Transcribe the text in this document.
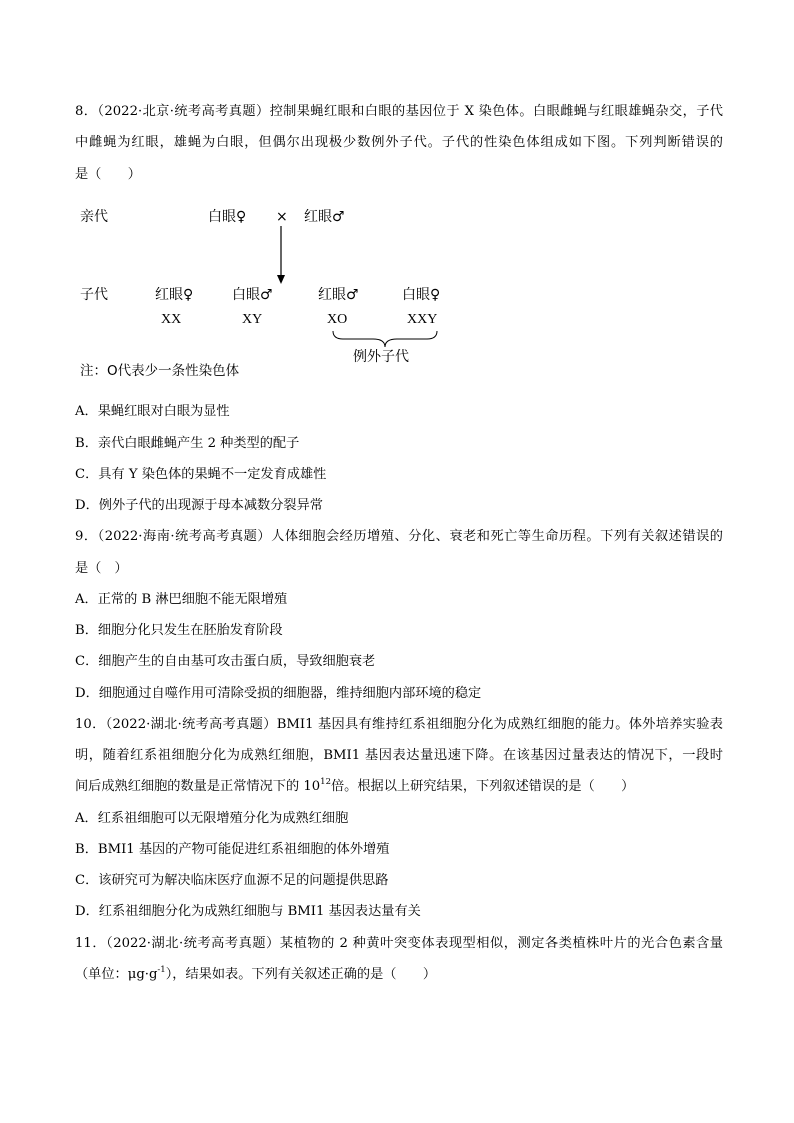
8．（2022·北京·统考高考真题）控制果蝇红眼和白眼的基因位于 X 染色体。白眼雌蝇与红眼雄蝇杂交，子代
中雌蝇为红眼，雄蝇为白眼，但偶尔出现极少数例外子代。子代的性染色体组成如下图。下列判断错误的
是（　　）
亲代	白眼♀ × 红眼♂
子代	红眼♀	白眼♂	红眼♂	白眼♀
XX	XY	XO	XXY
例外子代
注：O代表少一条性染色体
A．果蝇红眼对白眼为显性
B．亲代白眼雌蝇产生 2 种类型的配子
C．具有 Y 染色体的果蝇不一定发育成雄性
D．例外子代的出现源于母本减数分裂异常
9．（2022·海南·统考高考真题）人体细胞会经历增殖、分化、衰老和死亡等生命历程。下列有关叙述错误的
是（　）
A．正常的 B 淋巴细胞不能无限增殖
B．细胞分化只发生在胚胎发育阶段
C．细胞产生的自由基可攻击蛋白质，导致细胞衰老
D．细胞通过自噬作用可清除受损的细胞器，维持细胞内部环境的稳定
10．（2022·湖北·统考高考真题）BMI1 基因具有维持红系祖细胞分化为成熟红细胞的能力。体外培养实验表
明，随着红系祖细胞分化为成熟红细胞，BMI1 基因表达量迅速下降。在该基因过量表达的情况下，一段时
间后成熟红细胞的数量是正常情况下的 $10^{12}$倍。根据以上研究结果，下列叙述错误的是（　　）
A．红系祖细胞可以无限增殖分化为成熟红细胞
B．BMI1 基因的产物可能促进红系祖细胞的体外增殖
C．该研究可为解决临床医疗血源不足的问题提供思路
D．红系祖细胞分化为成熟红细胞与 BMI1 基因表达量有关
11．（2022·湖北·统考高考真题）某植物的 2 种黄叶突变体表现型相似，测定各类植株叶片的光合色素含量
（单位：$\mu g\cdot g^{-1}$），结果如表。下列有关叙述正确的是（　　）
